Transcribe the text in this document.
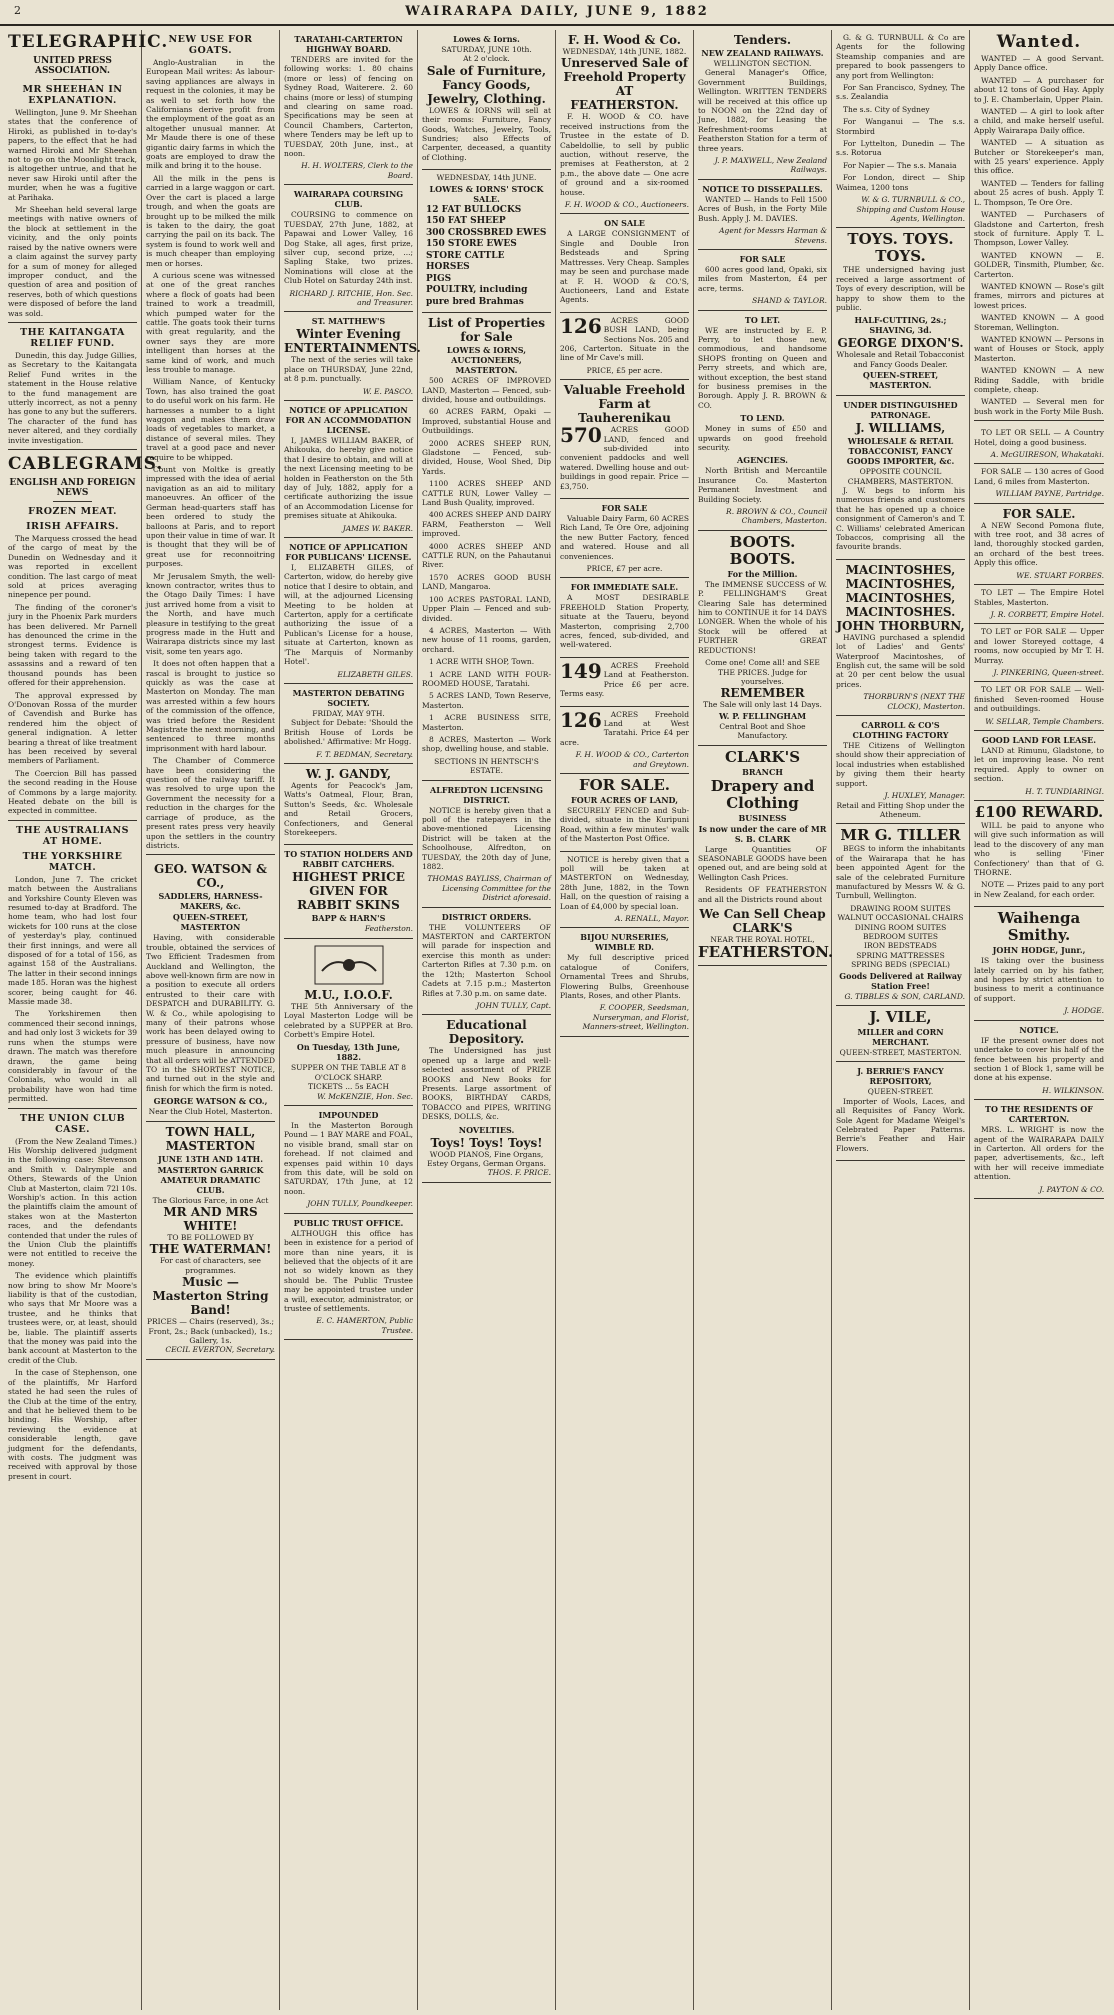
2	WAIRARAPA DAILY, JUNE 9, 1882
TELEGRAPHIC.
UNITED PRESS ASSOCIATION.
MR SHEEHAN IN EXPLANATION.

Wellington, June 9. Mr Sheehan states that the conference of Hiroki, as published in to-day's papers, to the effect that he had warned Hiroki and Mr Sheehan not to go on the Moonlight track, is altogether untrue, and that he never saw Hiroki until after the murder, when he was a fugitive at Parihaka.

Mr Sheehan held several large meetings with native owners of the block at settlement in the vicinity, and the only points raised by the native owners were a claim against the survey party for a sum of money for alleged improper conduct, and the question of area and position of reserves, both of which questions were disposed of before the land was sold.

THE KAITANGATA RELIEF FUND.

Dunedin, this day. Judge Gillies, as Secretary to the Kaitangata Relief Fund writes in the statement in the House relative to the fund management are utterly incorrect, as not a penny has gone to any but the sufferers. The character of the fund has never altered, and they cordially invite investigation.

CABLEGRAMS.
ENGLISH AND FOREIGN NEWS
FROZEN MEAT.
IRISH AFFAIRS.

The Marquess crossed the head of the cargo of meat by the Dunedin on Wednesday and it was reported in excellent condition. The last cargo of meat sold at prices averaging ninepence per pound.

The finding of the coroner's jury in the Phoenix Park murders has been delivered. Mr Parnell has denounced the crime in the strongest terms. Evidence is being taken with regard to the assassins and a reward of ten thousand pounds has been offered for their apprehension.

The approval expressed by O'Donovan Rossa of the murder of Cavendish and Burke has rendered him the object of general indignation. A letter bearing a threat of like treatment has been received by several members of Parliament.

The Coercion Bill has passed the second reading in the House of Commons by a large majority. Heated debate on the bill is expected in committee.

THE AUSTRALIANS AT HOME.
THE YORKSHIRE MATCH.

London, June 7. The cricket match between the Australians and Yorkshire County Eleven was resumed to-day at Bradford. The home team, who had lost four wickets for 100 runs at the close of yesterday's play, continued their first innings, and were all disposed of for a total of 156, as against 158 of the Australians. The latter in their second innings made 185. Horan was the highest scorer, being caught for 46. Massie made 38.

The Yorkshiremen then commenced their second innings, and had only lost 3 wickets for 39 runs when the stumps were drawn. The match was therefore drawn, the game being considerably in favour of the Colonials, who would in all probability have won had time permitted.

THE UNION CLUB CASE.

(From the New Zealand Times.) His Worship delivered judgment in the following case: Stevenson and Smith v. Dalrymple and Others, Stewards of the Union Club at Masterton, claim 72l 10s. Worship's action. In this action the plaintiffs claim the amount of stakes won at the Masterton races, and the defendants contended that under the rules of the Union Club the plaintiffs were not entitled to receive the money.

The evidence which plaintiffs now bring to show Mr Moore's liability is that of the custodian, who says that Mr Moore was a trustee, and he thinks that trustees were, or, at least, should be, liable. The plaintiff asserts that the money was paid into the bank account at Masterton to the credit of the Club.

In the case of Stephenson, one of the plaintiffs, Mr Harford stated he had seen the rules of the Club at the time of the entry, and that he believed them to be binding. His Worship, after reviewing the evidence at considerable length, gave judgment for the defendants, with costs. The judgment was received with approval by those present in court.

NEW USE FOR GOATS.

Anglo-Australian in the European Mail writes: As labour-saving appliances are always in request in the colonies, it may be as well to set forth how the Californians derive profit from the employment of the goat as an altogether unusual manner. At Mr Maude there is one of these gigantic dairy farms in which the goats are employed to draw the milk and bring it to the house.

All the milk in the pens is carried in a large waggon or cart. Over the cart is placed a large trough, and when the goats are brought up to be milked the milk is taken to the dairy, the goat carrying the pail on its back. The system is found to work well and is much cheaper than employing men or horses.

A curious scene was witnessed at one of the great ranches where a flock of goats had been trained to work a treadmill, which pumped water for the cattle. The goats took their turns with great regularity, and the owner says they are more intelligent than horses at the same kind of work, and much less trouble to manage.

William Nance, of Kentucky Town, has also trained the goat to do useful work on his farm. He harnesses a number to a light waggon and makes them draw loads of vegetables to market, a distance of several miles. They travel at a good pace and never require to be whipped.

Count von Moltke is greatly impressed with the idea of aerial navigation as an aid to military manoeuvres. An officer of the German head-quarters staff has been ordered to study the balloons at Paris, and to report upon their value in time of war. It is thought that they will be of great use for reconnoitring purposes.

Mr Jerusalem Smyth, the well-known contractor, writes thus to the Otago Daily Times: I have just arrived home from a visit to the North, and have much pleasure in testifying to the great progress made in the Hutt and Wairarapa districts since my last visit, some ten years ago.

It does not often happen that a rascal is brought to justice so quickly as was the case at Masterton on Monday. The man was arrested within a few hours of the commission of the offence, was tried before the Resident Magistrate the next morning, and sentenced to three months imprisonment with hard labour.

The Chamber of Commerce have been considering the question of the railway tariff. It was resolved to urge upon the Government the necessity for a reduction in the charges for the carriage of produce, as the present rates press very heavily upon the settlers in the country districts.

GEO. WATSON & CO.,
SADDLERS, HARNESS-MAKERS, &c.
QUEEN-STREET, MASTERTON

Having, with considerable trouble, obtained the services of Two Efficient Tradesmen from Auckland and Wellington, the above well-known firm are now in a position to execute all orders entrusted to their care with DESPATCH and DURABILITY. G. W. & Co., while apologising to many of their patrons whose work has been delayed owing to pressure of business, have now much pleasure in announcing that all orders will be ATTENDED TO in the SHORTEST NOTICE, and turned out in the style and finish for which the firm is noted.

GEORGE WATSON & CO.,
Near the Club Hotel, Masterton.
TOWN HALL, MASTERTON
JUNE 13TH AND 14TH.
MASTERTON GARRICK AMATEUR DRAMATIC CLUB.
The Glorious Farce, in one Act
MR AND MRS WHITE!
TO BE FOLLOWED BY
THE WATERMAN!
For cast of characters, see programmes.
Music — Masterton String Band!
PRICES — Chairs (reserved), 3s.; Front, 2s.; Back (unbacked), 1s.; Gallery, 1s.
CECIL EVERTON, Secretary.
TARATAHI-CARTERTON HIGHWAY BOARD.

TENDERS are invited for the following works: 1. 80 chains (more or less) of fencing on Sydney Road, Waiterere. 2. 60 chains (more or less) of stumping and clearing on same road. Specifications may be seen at Council Chambers, Carterton, where Tenders may be left up to TUESDAY, 20th June, inst., at noon.

H. H. WOLTERS, Clerk to the Board.
WAIRARAPA COURSING CLUB.

COURSING to commence on TUESDAY, 27th June, 1882, at Papawai and Lower Valley, 16 Dog Stake, all ages, first prize, silver cup, second prize, ...; Sapling Stake, two prizes. Nominations will close at the Club Hotel on Saturday 24th inst.

RICHARD J. RITCHIE, Hon. Sec. and Treasurer.
ST. MATTHEW'S
Winter Evening ENTERTAINMENTS.

The next of the series will take place on THURSDAY, June 22nd, at 8 p.m. punctually.

W. E. PASCO.
NOTICE OF APPLICATION FOR AN ACCOMMODATION LICENSE.

I, JAMES WILLIAM BAKER, of Ahikouka, do hereby give notice that I desire to obtain, and will at the next Licensing meeting to be holden in Featherston on the 5th day of July, 1882, apply for a certificate authorizing the issue of an Accommodation License for premises situate at Ahikouka.

JAMES W. BAKER.
NOTICE OF APPLICATION FOR PUBLICANS' LICENSE.

I, ELIZABETH GILES, of Carterton, widow, do hereby give notice that I desire to obtain, and will, at the adjourned Licensing Meeting to be holden at Carterton, apply for a certificate authorizing the issue of a Publican's License for a house, situate at Carterton, known as 'The Marquis of Normanby Hotel'.

ELIZABETH GILES.
MASTERTON DEBATING SOCIETY.
FRIDAY, MAY 9TH.

Subject for Debate: 'Should the British House of Lords be abolished.' Affirmative: Mr Hogg.

F. T. BEDMAN, Secretary.
W. J. GANDY,

Agents for Peacock's Jam, Watts's Oatmeal, Flour, Bran, Sutton's Seeds, &c. Wholesale and Retail Grocers, Confectioners, and General Storekeepers.

TO STATION HOLDERS AND RABBIT CATCHERS.
HIGHEST PRICE GIVEN FOR RABBIT SKINS
BAPP & HARN'S
Featherston.
M.U., I.O.O.F.

THE 5th Anniversary of the Loyal Masterton Lodge will be celebrated by a SUPPER at Bro. Corbett's Empire Hotel.

On Tuesday, 13th June, 1882.
SUPPER ON THE TABLE AT 8 O'CLOCK SHARP.
TICKETS ... 5s EACH
W. McKENZIE, Hon. Sec.
IMPOUNDED

In the Masterton Borough Pound — 1 BAY MARE and FOAL, no visible brand, small star on forehead. If not claimed and expenses paid within 10 days from this date, will be sold on SATURDAY, 17th June, at 12 noon.

JOHN TULLY, Poundkeeper.
PUBLIC TRUST OFFICE.

ALTHOUGH this office has been in existence for a period of more than nine years, it is believed that the objects of it are not so widely known as they should be. The Public Trustee may be appointed trustee under a will, executor, administrator, or trustee of settlements.

E. C. HAMERTON, Public Trustee.
Lowes & Iorns.
SATURDAY, JUNE 10th.
At 2 o'clock.
Sale of Furniture, Fancy Goods, Jewelry, Clothing.

LOWES & IORNS will sell at their rooms: Furniture, Fancy Goods, Watches, Jewelry, Tools, Sundries; also Effects of Carpenter, deceased, a quantity of Clothing.

WEDNESDAY, 14th JUNE.
LOWES & IORNS' STOCK SALE.
12 FAT BULLOCKS
150 FAT SHEEP
300 CROSSBRED EWES
150 STORE EWES
STORE CATTLE
HORSES
PIGS
POULTRY, including pure bred Brahmas
List of Properties for Sale
LOWES & IORNS, AUCTIONEERS, MASTERTON.

500 ACRES OF IMPROVED LAND, Masterton — Fenced, sub-divided, house and outbuildings.

60 ACRES FARM, Opaki — Improved, substantial House and Outbuildings.

2000 ACRES SHEEP RUN, Gladstone — Fenced, sub-divided, House, Wool Shed, Dip Yards.

1100 ACRES SHEEP AND CATTLE RUN, Lower Valley — Land Bush Quality, improved.

400 ACRES SHEEP AND DAIRY FARM, Featherston — Well improved.

4000 ACRES SHEEP AND CATTLE RUN, on the Pahautanui River.

1570 ACRES GOOD BUSH LAND, Mangaroa.

100 ACRES PASTORAL LAND, Upper Plain — Fenced and sub-divided.

4 ACRES, Masterton — With new house of 11 rooms, garden, orchard.

1 ACRE WITH SHOP, Town.

1 ACRE LAND WITH FOUR-ROOMED HOUSE, Taratahi.

5 ACRES LAND, Town Reserve, Masterton.

1 ACRE BUSINESS SITE, Masterton.

8 ACRES, Masterton — Work shop, dwelling house, and stable.

SECTIONS IN HENTSCH'S ESTATE.
ALFREDTON LICENSING DISTRICT.

NOTICE is hereby given that a poll of the ratepayers in the above-mentioned Licensing District will be taken at the Schoolhouse, Alfredton, on TUESDAY, the 20th day of June, 1882.

THOMAS BAYLISS, Chairman of Licensing Committee for the District aforesaid.
DISTRICT ORDERS.

THE VOLUNTEERS OF MASTERTON and CARTERTON will parade for inspection and exercise this month as under: Carterton Rifles at 7.30 p.m. on the 12th; Masterton School Cadets at 7.15 p.m.; Masterton Rifles at 7.30 p.m. on same date.

JOHN TULLY, Capt.
Educational Depository.

The Undersigned has just opened up a large and well-selected assortment of PRIZE BOOKS and New Books for Presents. Large assortment of BOOKS, BIRTHDAY CARDS, TOBACCO and PIPES, WRITING DESKS, DOLLS, &c.

NOVELTIES.
Toys! Toys! Toys!
WOOD PIANOS, Fine Organs, Estey Organs, German Organs.
THOS. F. PRICE.
F. H. Wood & Co.
WEDNESDAY, 14th JUNE, 1882.
Unreserved Sale of Freehold Property AT FEATHERSTON.

F. H. WOOD & CO. have received instructions from the Trustee in the estate of D. Cabeldollie, to sell by public auction, without reserve, the premises at Featherston, at 2 p.m., the above date — One acre of ground and a six-roomed house.

F. H. WOOD & CO., Auctioneers.
ON SALE

A LARGE CONSIGNMENT of Single and Double Iron Bedsteads and Spring Mattresses. Very Cheap. Samples may be seen and purchase made at F. H. WOOD & CO.'S, Auctioneers, Land and Estate Agents.

126	ACRES GOOD BUSH LAND, being Sections Nos. 205 and 206, Carterton. Situate in the line of Mr Cave's mill.

PRICE, £5 per acre.
Valuable Freehold Farm at Tauherenikau
570	ACRES GOOD LAND, fenced and sub-divided into convenient paddocks and well watered. Dwelling house and out-buildings in good repair. Price — £3,750.

FOR SALE

Valuable Dairy Farm, 60 ACRES Rich Land, Te Ore Ore, adjoining the new Butter Factory, fenced and watered. House and all conveniences.

PRICE, £7 per acre.
FOR IMMEDIATE SALE.

A MOST DESIRABLE FREEHOLD Station Property, situate at the Taueru, beyond Masterton, comprising 2,700 acres, fenced, sub-divided, and well-watered.

149	ACRES Freehold Land at Featherston. Price £6 per acre. Terms easy.

126	ACRES Freehold Land at West Taratahi. Price £4 per acre.

F. H. WOOD & CO., Carterton and Greytown.
FOR SALE.
FOUR ACRES OF LAND,

SECURELY FENCED and Sub-divided, situate in the Kuripuni Road, within a few minutes' walk of the Masterton Post Office.

NOTICE is hereby given that a poll will be taken at MASTERTON on Wednesday, 28th June, 1882, in the Town Hall, on the question of raising a Loan of £4,000 by special loan.

A. RENALL, Mayor.
BIJOU NURSERIES, WIMBLE RD.

My full descriptive priced catalogue of Conifers, Ornamental Trees and Shrubs, Flowering Bulbs, Greenhouse Plants, Roses, and other Plants.

F. COOPER, Seedsman, Nurseryman, and Florist, Manners-street, Wellington.
Tenders.
NEW ZEALAND RAILWAYS.
WELLINGTON SECTION.

General Manager's Office, Government Buildings, Wellington. WRITTEN TENDERS will be received at this office up to NOON on the 22nd day of June, 1882, for Leasing the Refreshment-rooms at Featherston Station for a term of three years.

J. P. MAXWELL, New Zealand Railways.
NOTICE TO DISSEPALLES.

WANTED — Hands to Fell 1500 Acres of Bush, in the Forty Mile Bush. Apply J. M. DAVIES.

Agent for Messrs Harman & Stevens.
FOR SALE

600 acres good land, Opaki, six miles from Masterton, £4 per acre, terms.

SHAND & TAYLOR.
TO LET.

WE are instructed by E. P. Perry, to let those new, commodious, and handsome SHOPS fronting on Queen and Perry streets, and which are, without exception, the best stand for business premises in the Borough. Apply J. R. BROWN & CO.

TO LEND.

Money in sums of £50 and upwards on good freehold security.

AGENCIES.

North British and Mercantile Insurance Co. Masterton Permanent Investment and Building Society.

R. BROWN & CO., Council Chambers, Masterton.
BOOTS. BOOTS.
For the Million.

The IMMENSE SUCCESS of W. P. FELLINGHAM'S Great Clearing Sale has determined him to CONTINUE it for 14 DAYS LONGER. When the whole of his Stock will be offered at FURTHER GREAT REDUCTIONS!

Come one! Come all! and SEE THE PRICES. Judge for yourselves.
REMEMBER
The Sale will only last 14 Days.
W. P. FELLINGHAM
Central Boot and Shoe Manufactory.
CLARK'S
BRANCH
Drapery and Clothing
BUSINESS
Is now under the care of MR S. B. CLARK

Large Quantities OF SEASONABLE GOODS have been opened out, and are being sold at Wellington Cash Prices.

Residents OF FEATHERSTON and all the Districts round about

We Can Sell Cheap
CLARK'S
NEAR THE ROYAL HOTEL,
FEATHERSTON.

G. & G. TURNBULL & Co are Agents for the following Steamship companies and are prepared to book passengers to any port from Wellington:

For San Francisco, Sydney, The s.s. Zealandia

The s.s. City of Sydney

For Wanganui — The s.s. Stormbird

For Lyttelton, Dunedin — The s.s. Rotorua

For Napier — The s.s. Manaia

For London, direct — Ship Waimea, 1200 tons

W. & G. TURNBULL & CO., Shipping and Custom House Agents, Wellington.
TOYS. TOYS. TOYS.

THE undersigned having just received a large assortment of Toys of every description, will be happy to show them to the public.

HALF-CUTTING, 2s.; SHAVING, 3d.
GEORGE DIXON'S.
Wholesale and Retail Tobacconist and Fancy Goods Dealer.
QUEEN-STREET, MASTERTON.
UNDER DISTINGUISHED PATRONAGE.
J. WILLIAMS,
WHOLESALE & RETAIL TOBACCONIST, FANCY GOODS IMPORTER, &c.
OPPOSITE COUNCIL CHAMBERS, MASTERTON.

J. W. begs to inform his numerous friends and customers that he has opened up a choice consignment of Cameron's and T. C. Williams' celebrated American Tobaccos, comprising all the favourite brands.

MACINTOSHES,
MACINTOSHES,
MACINTOSHES,
MACINTOSHES.
JOHN THORBURN,

HAVING purchased a splendid lot of Ladies' and Gents' Waterproof Macintoshes, of English cut, the same will be sold at 20 per cent below the usual prices.

THORBURN'S (NEXT THE CLOCK), Masterton.
CARROLL & CO'S CLOTHING FACTORY

THE Citizens of Wellington should show their appreciation of local industries when established by giving them their hearty support.

J. HUXLEY, Manager.
Retail and Fitting Shop under the Atheneum.
MR G. TILLER

BEGS to inform the inhabitants of the Wairarapa that he has been appointed Agent for the sale of the celebrated Furniture manufactured by Messrs W. & G. Turnbull, Wellington.

DRAWING ROOM SUITES
WALNUT OCCASIONAL CHAIRS
DINING ROOM SUITES
BEDROOM SUITES
IRON BEDSTEADS
SPRING MATTRESSES
SPRING BEDS (SPECIAL)
Goods Delivered at Railway Station Free!
G. TIBBLES & SON, CARLAND.
J. VILE,
MILLER and CORN MERCHANT.
QUEEN-STREET, MASTERTON.
J. BERRIE'S FANCY REPOSITORY,
QUEEN-STREET.

Importer of Wools, Laces, and all Requisites of Fancy Work. Sole Agent for Madame Weigel's Celebrated Paper Patterns. Berrie's Feather and Hair Flowers.

Wanted.

WANTED — A good Servant. Apply Dance office.

WANTED — A purchaser for about 12 tons of Good Hay. Apply to J. E. Chamberlain, Upper Plain.

WANTED — A girl to look after a child, and make herself useful. Apply Wairarapa Daily office.

WANTED — A situation as Butcher or Storekeeper's man, with 25 years' experience. Apply this office.

WANTED — Tenders for falling about 25 acres of bush. Apply T. L. Thompson, Te Ore Ore.

WANTED — Purchasers of Gladstone and Carterton, fresh stock of furniture. Apply T. L. Thompson, Lower Valley.

WANTED KNOWN — E. GOLDER, Tinsmith, Plumber, &c. Carterton.

WANTED KNOWN — Rose's gilt frames, mirrors and pictures at lowest prices.

WANTED KNOWN — A good Storeman, Wellington.

WANTED KNOWN — Persons in want of Houses or Stock, apply Masterton.

WANTED KNOWN — A new Riding Saddle, with bridle complete, cheap.

WANTED — Several men for bush work in the Forty Mile Bush.

TO LET OR SELL — A Country Hotel, doing a good business.

A. McGUIRESON, Whakataki.

FOR SALE — 130 acres of Good Land, 6 miles from Masterton.

WILLIAM PAYNE, Partridge.
FOR SALE.

A NEW Second Pomona flute, with tree root, and 38 acres of land, thoroughly stocked garden, an orchard of the best trees. Apply this office.

WE. STUART FORBES.

TO LET — The Empire Hotel Stables, Masterton.

J. R. CORBETT, Empire Hotel.

TO LET or FOR SALE — Upper and lower Storeyed cottage, 4 rooms, now occupied by Mr T. H. Murray.

J. PINKERING, Queen-street.

TO LET OR FOR SALE — Well-finished Seven-roomed House and outbuildings.

W. SELLAR, Temple Chambers.
GOOD LAND FOR LEASE.

LAND at Rimunu, Gladstone, to let on improving lease. No rent required. Apply to owner on section.

H. T. TUNDIARINGI.
£100 REWARD.

WILL be paid to anyone who will give such information as will lead to the discovery of any man who is selling 'Finer Confectionery' than that of G. THORNE.

NOTE — Prizes paid to any port in New Zealand, for each order.

Waihenga Smithy.
JOHN HODGE, Junr.,

IS taking over the business lately carried on by his father, and hopes by strict attention to business to merit a continuance of support.

J. HODGE.
NOTICE.

IF the present owner does not undertake to cover his half of the fence between his property and section 1 of Block 1, same will be done at his expense.

H. WILKINSON.
TO THE RESIDENTS OF CARTERTON.

MRS. L. WRIGHT is now the agent of the WAIRARAPA DAILY in Carterton. All orders for the paper, advertisements, &c., left with her will receive immediate attention.

J. PAYTON & CO.
